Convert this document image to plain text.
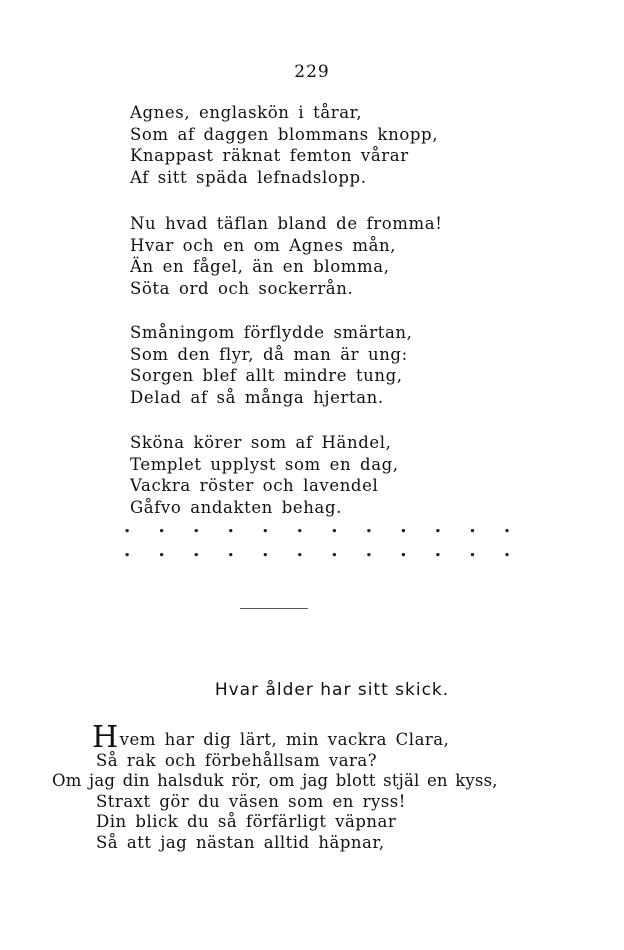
229
Agnes, englaskön i tårar,
Som af daggen blommans knopp,
Knappast räknat femton vårar
Af sitt späda lefnadslopp.
Nu hvad täflan bland de fromma!
Hvar och en om Agnes mån,
Än en fågel, än en blomma,
Söta ord och sockerrån.
Småningom förflydde smärtan,
Som den flyr, då man är ung:
Sorgen blef allt mindre tung,
Delad af så många hjertan.
Sköna körer som af Händel,
Templet upplyst som en dag,
Vackra röster och lavendel
Gåfvo andakten behag.
. . . . . . . . . . . .
. . . . . . . . . . . .
Hvar ålder har sitt skick.
Hvem har dig lärt, min vackra Clara,
Så rak och förbehållsam vara?
Om jag din halsduk rör, om jag blott stjäl en kyss,
Straxt gör du väsen som en ryss!
Din blick du så förfärligt väpnar
Så att jag nästan alltid häpnar,
